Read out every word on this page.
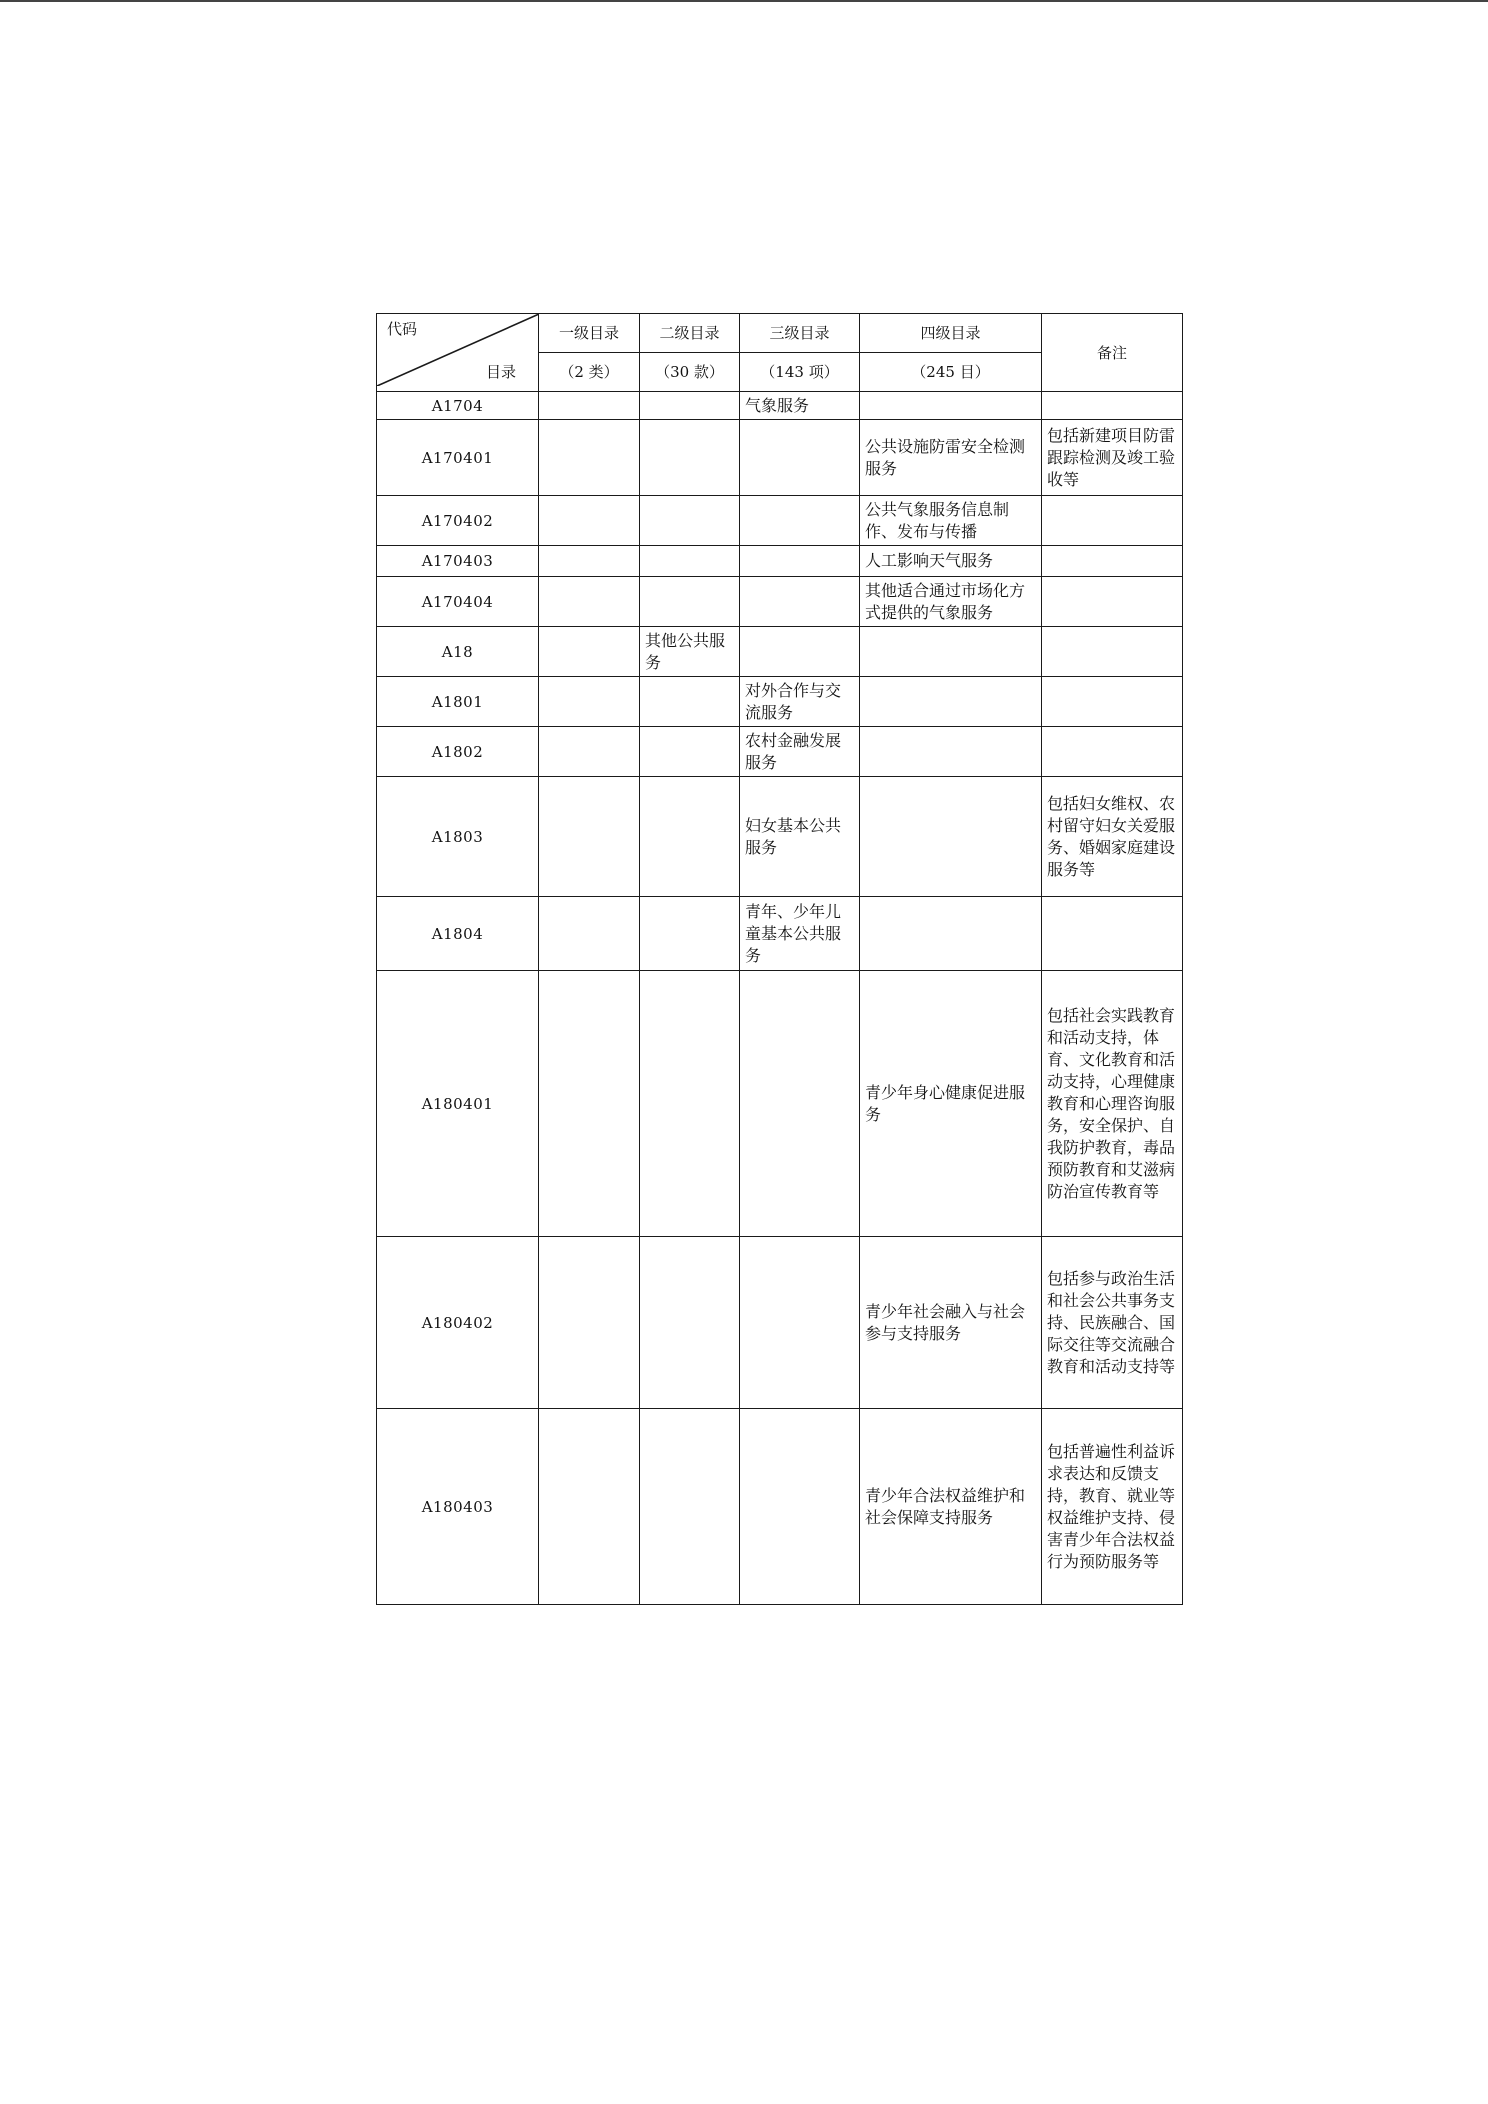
代码
目录	一级目录	二级目录	三级目录	四级目录	备注
	（2 类）	（30 款）	（143 项）	（245 目）	
A1704			气象服务		
A170401				公共设施防雷安全检测服务	包括新建项目防雷跟踪检测及竣工验收等
A170402				公共气象服务信息制作、发布与传播	
A170403				人工影响天气服务	
A170404				其他适合通过市场化方式提供的气象服务	
A18		其他公共服务			
A1801			对外合作与交流服务		
A1802			农村金融发展服务		
A1803			妇女基本公共服务		包括妇女维权、农村留守妇女关爱服务、婚姻家庭建设服务等
A1804			青年、少年儿童基本公共服务		
A180401				青少年身心健康促进服务	包括社会实践教育和活动支持，体育、文化教育和活动支持，心理健康教育和心理咨询服务，安全保护、自我防护教育，毒品预防教育和艾滋病防治宣传教育等
A180402				青少年社会融入与社会参与支持服务	包括参与政治生活和社会公共事务支持、民族融合、国际交往等交流融合教育和活动支持等
A180403				青少年合法权益维护和社会保障支持服务	包括普遍性利益诉求表达和反馈支持，教育、就业等权益维护支持、侵害青少年合法权益行为预防服务等
